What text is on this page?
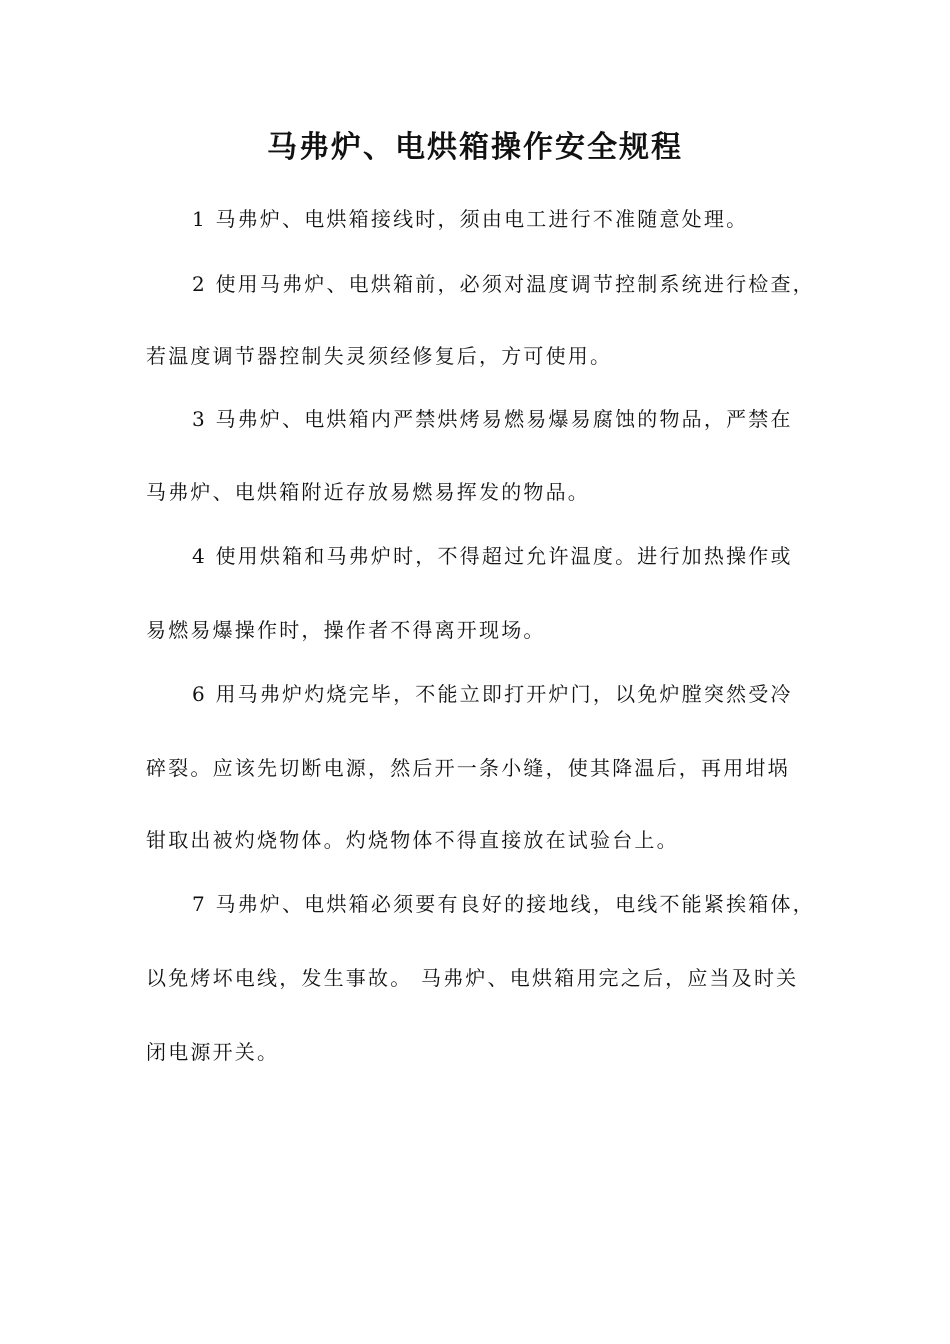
马弗炉、电烘箱操作安全规程
1 马弗炉、电烘箱接线时，须由电工进行不准随意处理。
2 使用马弗炉、电烘箱前，必须对温度调节控制系统进行检查，
若温度调节器控制失灵须经修复后，方可使用。
3 马弗炉、电烘箱内严禁烘烤易燃易爆易腐蚀的物品，严禁在
马弗炉、电烘箱附近存放易燃易挥发的物品。
4 使用烘箱和马弗炉时，不得超过允许温度。进行加热操作或
易燃易爆操作时，操作者不得离开现场。
6 用马弗炉灼烧完毕，不能立即打开炉门，以免炉膛突然受冷
碎裂。应该先切断电源，然后开一条小缝，使其降温后，再用坩埚
钳取出被灼烧物体。灼烧物体不得直接放在试验台上。
7 马弗炉、电烘箱必须要有良好的接地线，电线不能紧挨箱体，
以免烤坏电线，发生事故。 马弗炉、电烘箱用完之后，应当及时关
闭电源开关。
